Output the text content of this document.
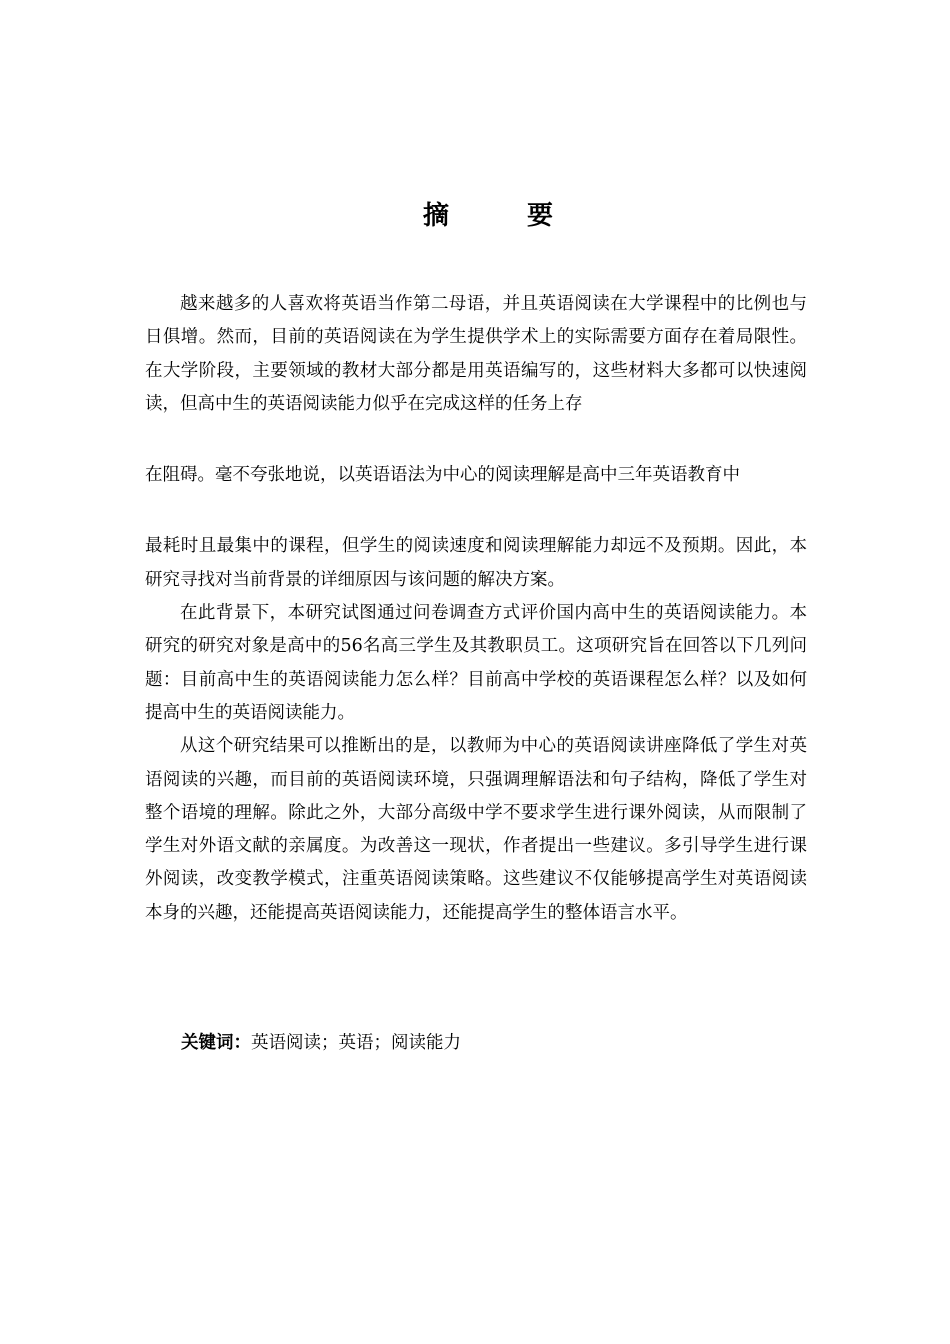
摘　要

越来越多的人喜欢将英语当作第二母语，并且英语阅读在大学课程中的比例也与日俱增。然而，目前的英语阅读在为学生提供学术上的实际需要方面存在着局限性。在大学阶段，主要领域的教材大部分都是用英语编写的，这些材料大多都可以快速阅读，但高中生的英语阅读能力似乎在完成这样的任务上存
在阻碍。毫不夸张地说，以英语语法为中心的阅读理解是高中三年英语教育中
最耗时且最集中的课程，但学生的阅读速度和阅读理解能力却远不及预期。因此，本研究寻找对当前背景的详细原因与该问题的解决方案。

在此背景下，本研究试图通过问卷调查方式评价国内高中生的英语阅读能力。本研究的研究对象是高中的56名高三学生及其教职员工。这项研究旨在回答以下几列问题：目前高中生的英语阅读能力怎么样？目前高中学校的英语课程怎么样？以及如何提高中生的英语阅读能力。

从这个研究结果可以推断出的是，以教师为中心的英语阅读讲座降低了学生对英语阅读的兴趣，而目前的英语阅读环境，只强调理解语法和句子结构，降低了学生对整个语境的理解。除此之外，大部分高级中学不要求学生进行课外阅读，从而限制了学生对外语文献的亲属度。为改善这一现状，作者提出一些建议。多引导学生进行课外阅读，改变教学模式，注重英语阅读策略。这些建议不仅能够提高学生对英语阅读本身的兴趣，还能提高英语阅读能力，还能提高学生的整体语言水平。

关键词：英语阅读；英语；阅读能力
